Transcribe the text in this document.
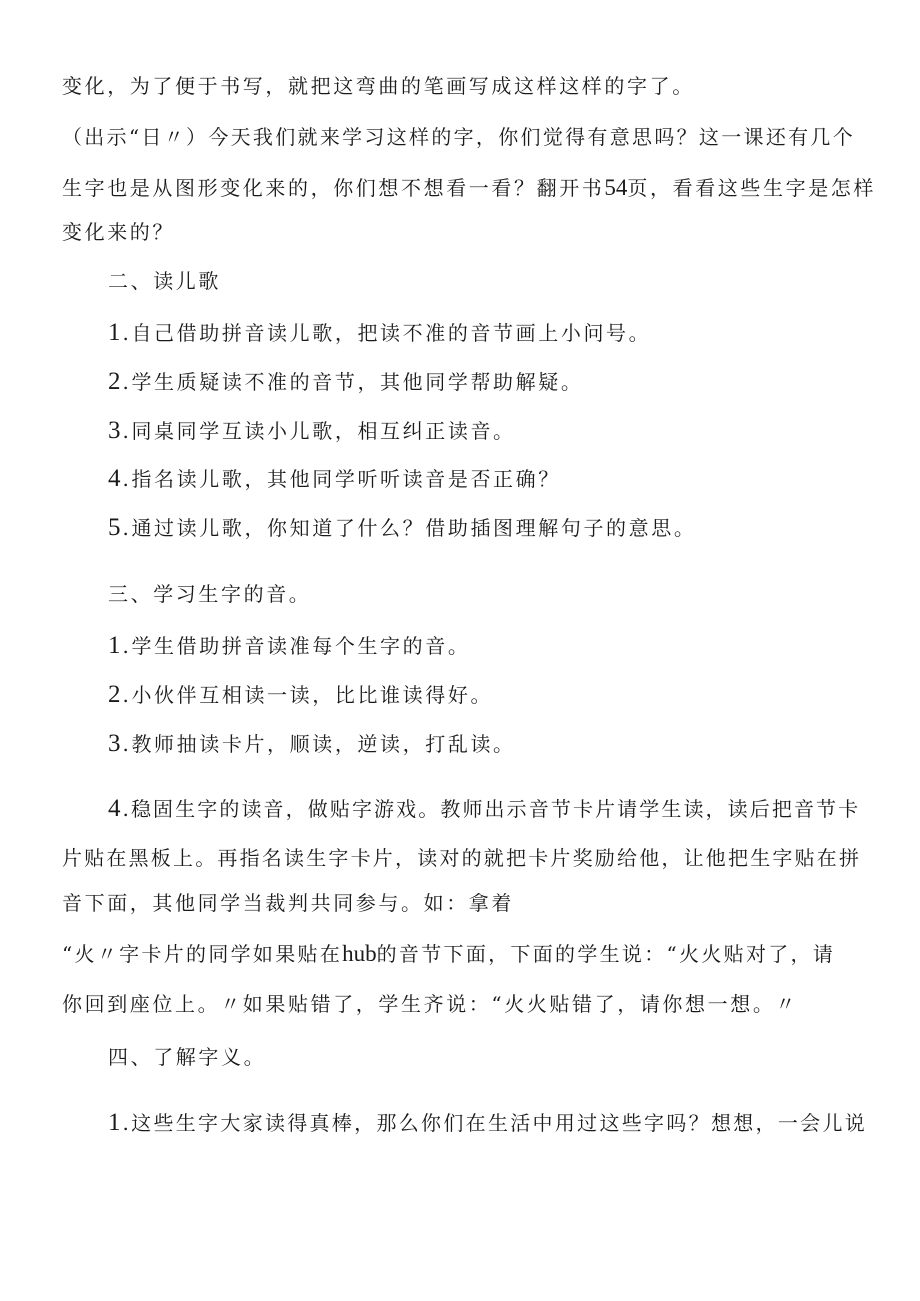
变化，为了便于书写，就把这弯曲的笔画写成这样这样的字了。
（出示“日〃）今天我们就来学习这样的字，你们觉得有意思吗？这一课还有几个
生字也是从图形变化来的，你们想不想看一看？翻开书54页，看看这些生字是怎样
变化来的？
二、读儿歌
1 .自己借助拼音读儿歌，把读不准的音节画上小问号。
2 .学生质疑读不准的音节，其他同学帮助解疑。
3 .同桌同学互读小儿歌，相互纠正读音。
4 .指名读儿歌，其他同学听听读音是否正确？
5 .通过读儿歌，你知道了什么？借助插图理解句子的意思。
三、学习生字的音。
1 .学生借助拼音读准每个生字的音。
2 .小伙伴互相读一读，比比谁读得好。
3 .教师抽读卡片，顺读，逆读，打乱读。
4 .稳固生字的读音，做贴字游戏。教师出示音节卡片请学生读，读后把音节卡
片贴在黑板上。再指名读生字卡片，读对的就把卡片奖励给他，让他把生字贴在拼
音下面，其他同学当裁判共同参与。如：拿着
“火〃字卡片的同学如果贴在hub的音节下面，下面的学生说：“火火贴对了，请
你回到座位上。〃如果贴错了，学生齐说：“火火贴错了，请你想一想。〃
四、了解字义。
1 .这些生字大家读得真棒，那么你们在生活中用过这些字吗？想想，一会儿说
